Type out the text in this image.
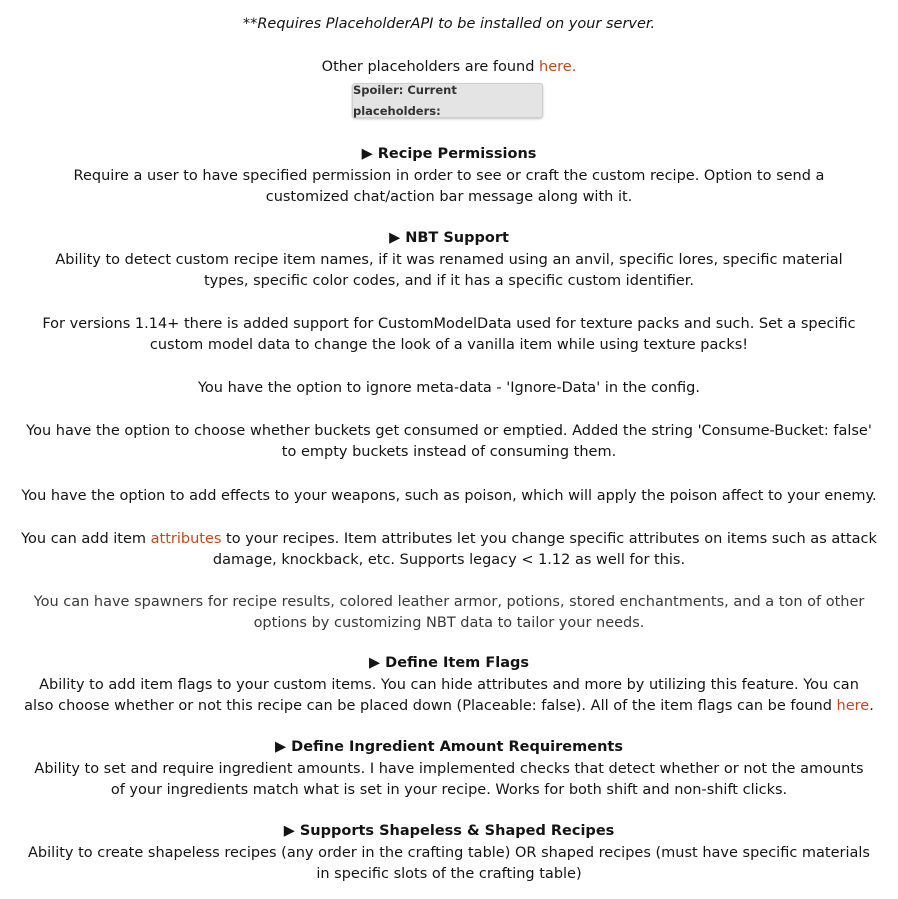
**Requires PlaceholderAPI to be installed on your server.
Other placeholders are found here.
Spoiler: Current placeholders:
▶ Recipe Permissions
Require a user to have specified permission in order to see or craft the custom recipe. Option to send a customized chat/action bar message along with it.
▶ NBT Support
Ability to detect custom recipe item names, if it was renamed using an anvil, specific lores, specific material types, specific color codes, and if it has a specific custom identifier.
For versions 1.14+ there is added support for CustomModelData used for texture packs and such. Set a specific custom model data to change the look of a vanilla item while using texture packs!
You have the option to ignore meta-data - 'Ignore-Data' in the config.
You have the option to choose whether buckets get consumed or emptied. Added the string 'Consume-Bucket: false' to empty buckets instead of consuming them.
You have the option to add effects to your weapons, such as poison, which will apply the poison affect to your enemy.
You can add item attributes to your recipes. Item attributes let you change specific attributes on items such as attack damage, knockback, etc. Supports legacy < 1.12 as well for this.
You can have spawners for recipe results, colored leather armor, potions, stored enchantments, and a ton of other options by customizing NBT data to tailor your needs.
▶ Define Item Flags
Ability to add item flags to your custom items. You can hide attributes and more by utilizing this feature. You can also choose whether or not this recipe can be placed down (Placeable: false). All of the item flags can be found here.
▶ Define Ingredient Amount Requirements
Ability to set and require ingredient amounts. I have implemented checks that detect whether or not the amounts of your ingredients match what is set in your recipe. Works for both shift and non-shift clicks.
▶ Supports Shapeless & Shaped Recipes
Ability to create shapeless recipes (any order in the crafting table) OR shaped recipes (must have specific materials in specific slots of the crafting table)
